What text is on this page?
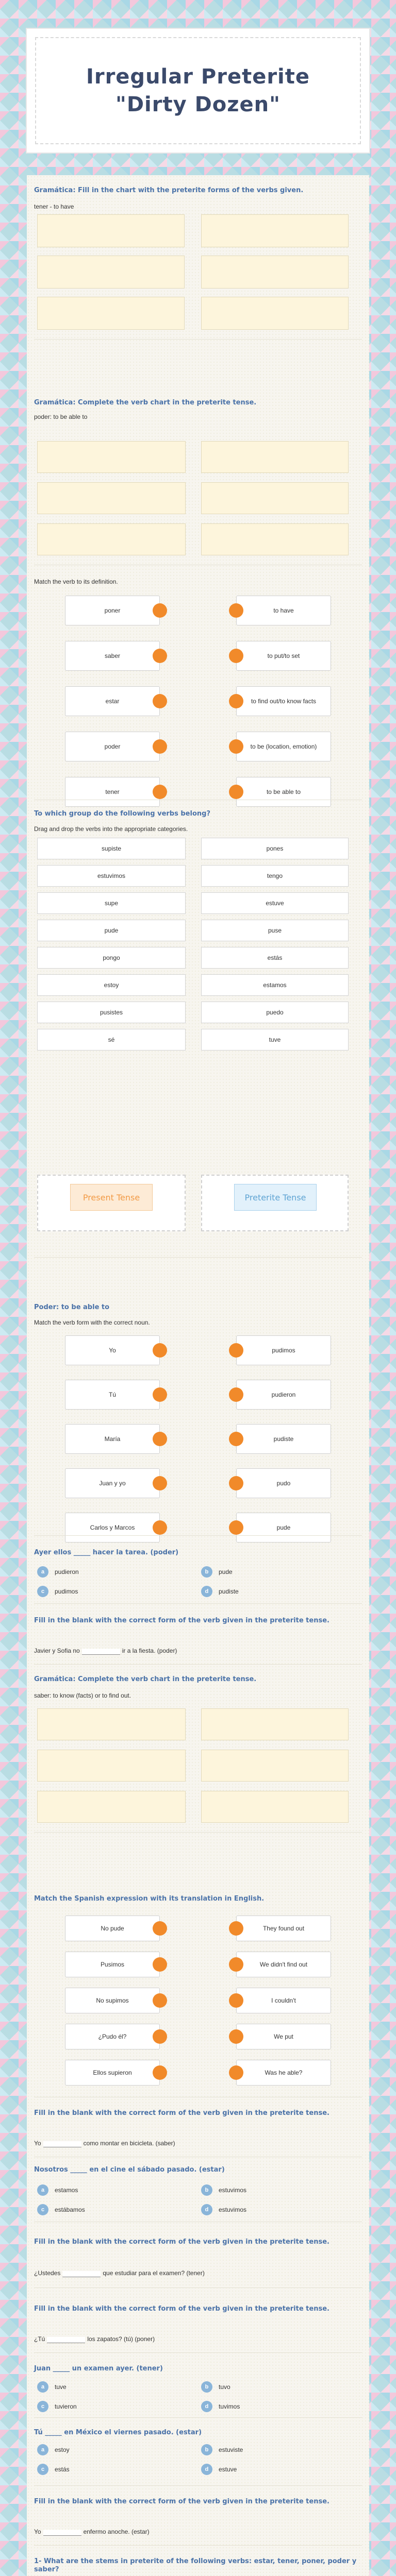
Irregular Preterite "Dirty Dozen"
Gramática: Fill in the chart with the preterite forms of the verbs given.
tener - to have
Gramática: Complete the verb chart in the preterite tense.
poder: to be able to
Match the verb to its definition.
poner	to have
saber	to put/to set
estar	to find out/to know facts
poder	to be (location, emotion)
tener	to be able to
To which group do the following verbs belong?
Drag and drop the verbs into the appropriate categories.
supiste	pones
estuvimos	tengo
supe	estuve
pude	puse
pongo	estás
estoy	estamos
pusistes	puedo
sé	tuve
Present Tense	Preterite Tense
Poder: to be able to
Match the verb form with the correct noun.
Yo	pudimos
Tú	pudieron
María	pudiste
Juan y yo	pudo
Carlos y Marcos	pude
Ayer ellos _____ hacer la tarea. (poder)
a	pudieron	b	pude
c	pudimos	d	pudiste
Fill in the blank with the correct form of the verb given in the preterite tense.
Javier y Sofia no	ir a la fiesta. (poder)
Gramática: Complete the verb chart in the preterite tense.
saber: to know (facts) or to find out.
Match the Spanish expression with its translation in English.
No pude	They found out
Pusimos	We didn't find out
No supimos	I couldn't
¿Pudo él?	We put
Ellos supieron	Was he able?
Fill in the blank with the correct form of the verb given in the preterite tense.
Yo	como montar en bicicleta. (saber)
Nosotros _____ en el cine el sábado pasado. (estar)
a	estamos	b	estuvimos
c	estábamos	d	estuvimos
Fill in the blank with the correct form of the verb given in the preterite tense.
¿Ustedes	que estudiar para el examen? (tener)
Fill in the blank with the correct form of the verb given in the preterite tense.
¿Tú	los zapatos? (tú) (poner)
Juan _____ un examen ayer. (tener)
a	tuve	b	tuvo
c	tuvieron	d	tuvimos
Tú _____ en México el viernes pasado. (estar)
a	estoy	b	estuviste
c	estás	d	estuve
Fill in the blank with the correct form of the verb given in the preterite tense.
Yo	enfermo anoche. (estar)
1- What are the stems in preterite of the following verbs: estar, tener, poner, poder y saber?
